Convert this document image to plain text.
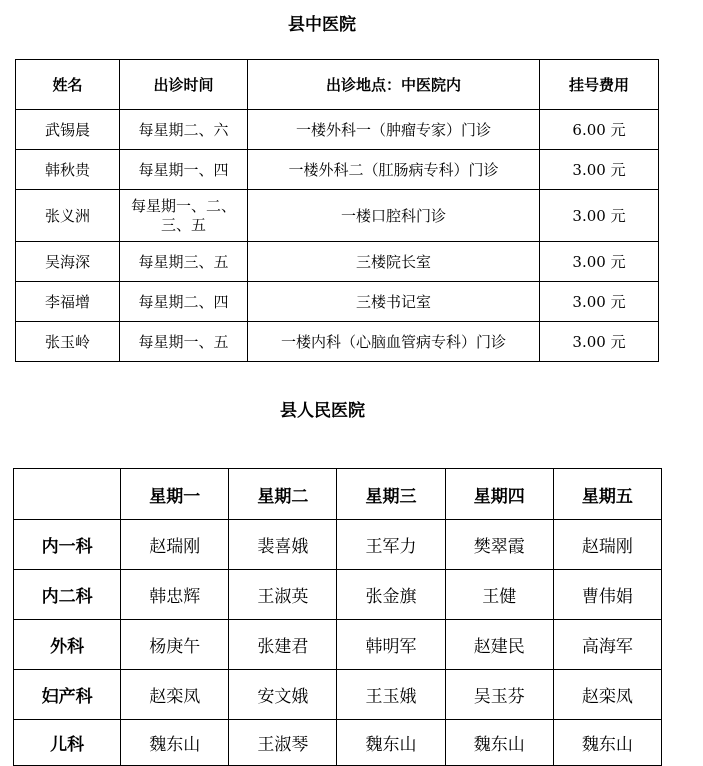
县中医院
姓名	出诊时间	出诊地点：中医院内	挂号费用
武锡晨	每星期二、六	一楼外科一（肿瘤专家）门诊	6.00 元
韩秋贵	每星期一、四	一楼外科二（肛肠病专科）门诊	3.00 元
张义洲	每星期一、二、三、五	一楼口腔科门诊	3.00 元
吴海深	每星期三、五	三楼院长室	3.00 元
李福增	每星期二、四	三楼书记室	3.00 元
张玉岭	每星期一、五	一楼内科（心脑血管病专科）门诊	3.00 元
县人民医院
	星期一	星期二	星期三	星期四	星期五
内一科	赵瑞刚	裴喜娥	王军力	樊翠霞	赵瑞刚
内二科	韩忠辉	王淑英	张金旗	王健	曹伟娟
外科	杨庚午	张建君	韩明军	赵建民	高海军
妇产科	赵栾凤	安文娥	王玉娥	吴玉芬	赵栾凤
儿科	魏东山	王淑琴	魏东山	魏东山	魏东山
